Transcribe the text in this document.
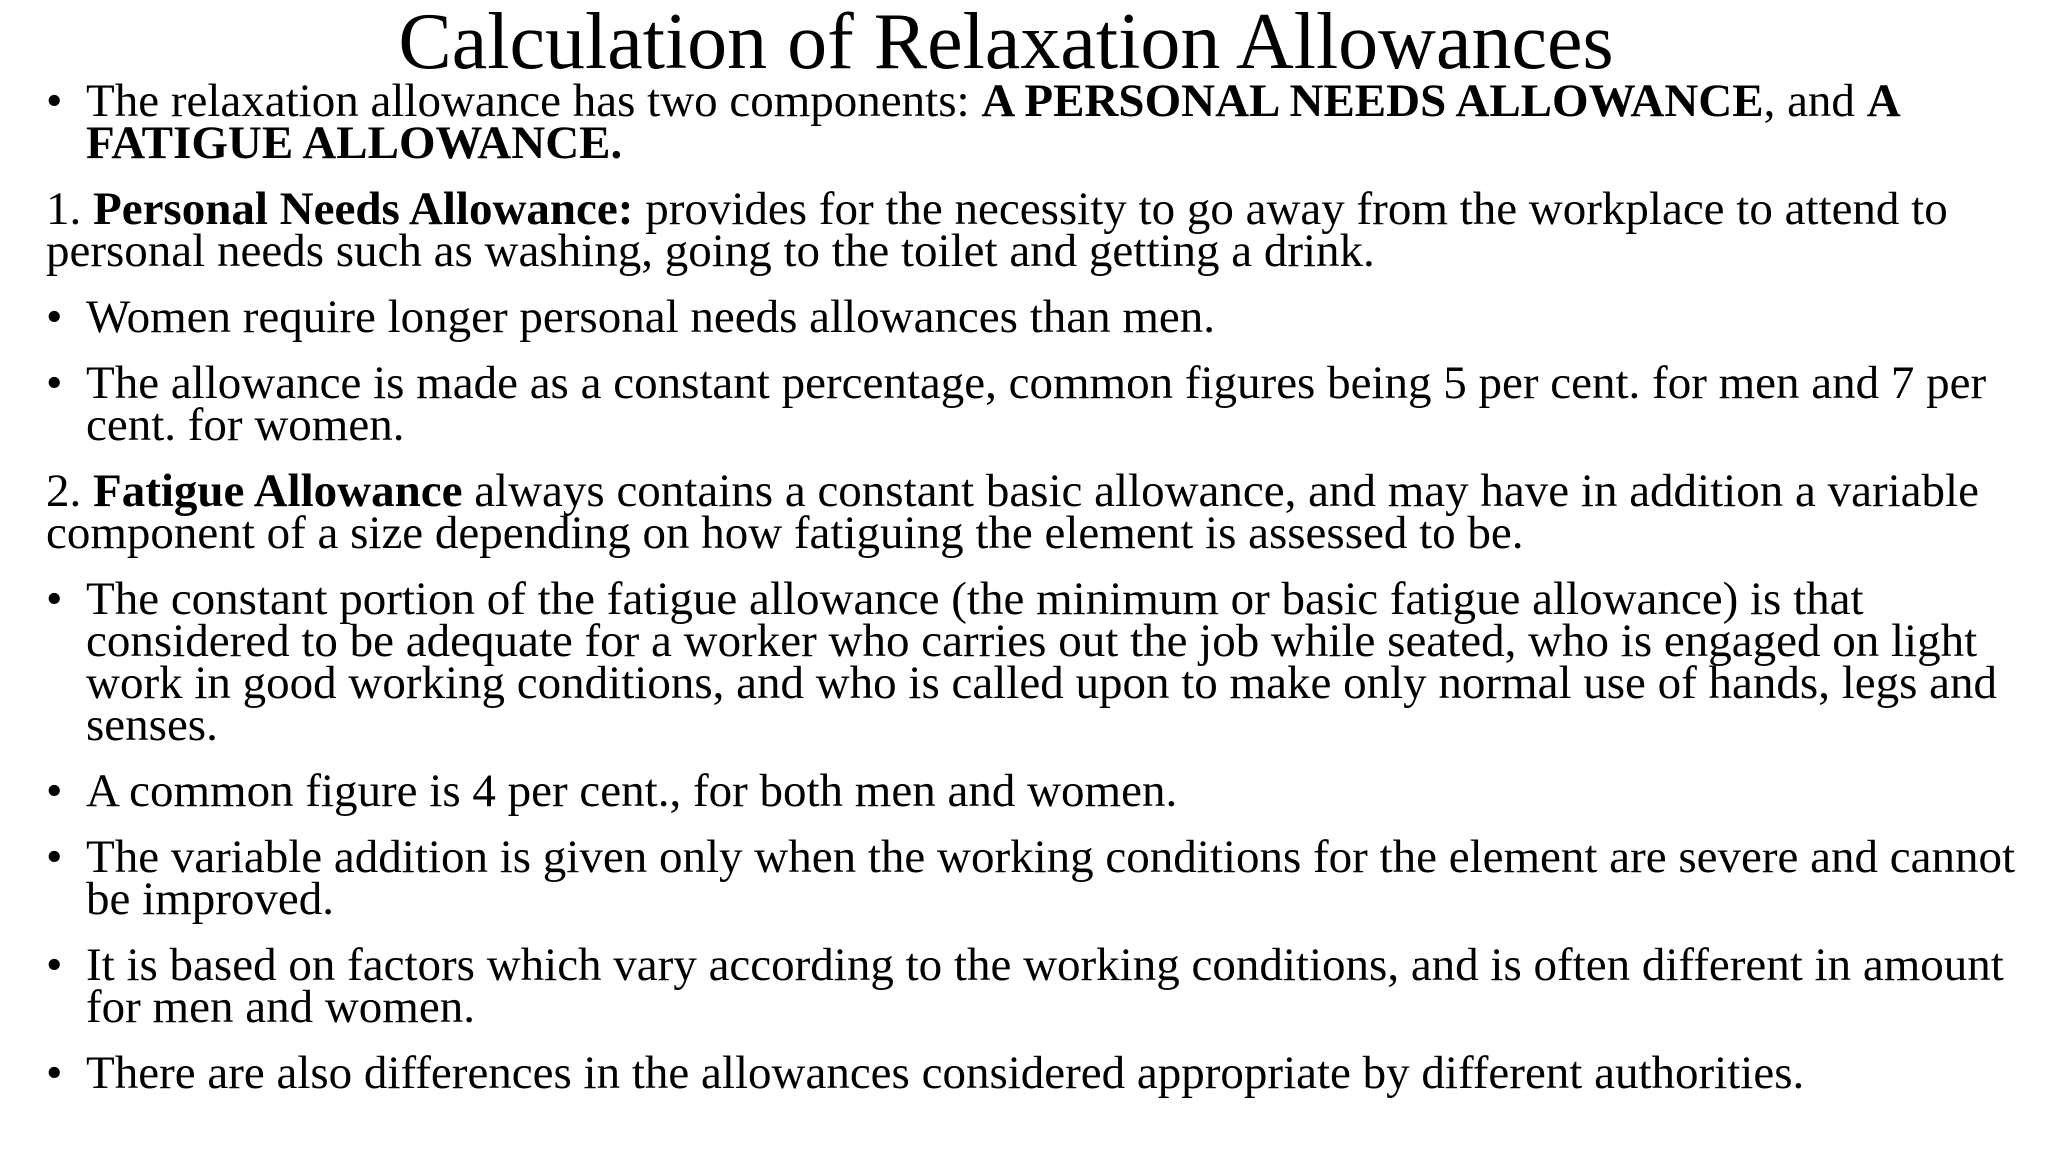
Calculation of Relaxation Allowances
• The relaxation allowance has two components: A PERSONAL NEEDS ALLOWANCE, and A FATIGUE ALLOWANCE.
1. Personal Needs Allowance: provides for the necessity to go away from the workplace to attend to personal needs such as washing, going to the toilet and getting a drink.
• Women require longer personal needs allowances than men.
• The allowance is made as a constant percentage, common figures being 5 per cent. for men and 7 per cent. for women.
2. Fatigue Allowance always contains a constant basic allowance, and may have in addition a variable component of a size depending on how fatiguing the element is assessed to be.
• The constant portion of the fatigue allowance (the minimum or basic fatigue allowance) is that considered to be adequate for a worker who carries out the job while seated, who is engaged on light work in good working conditions, and who is called upon to make only normal use of hands, legs and senses.
• A common figure is 4 per cent., for both men and women.
• The variable addition is given only when the working conditions for the element are severe and cannot be improved.
• It is based on factors which vary according to the working conditions, and is often different in amount for men and women.
• There are also differences in the allowances considered appropriate by different authorities.
